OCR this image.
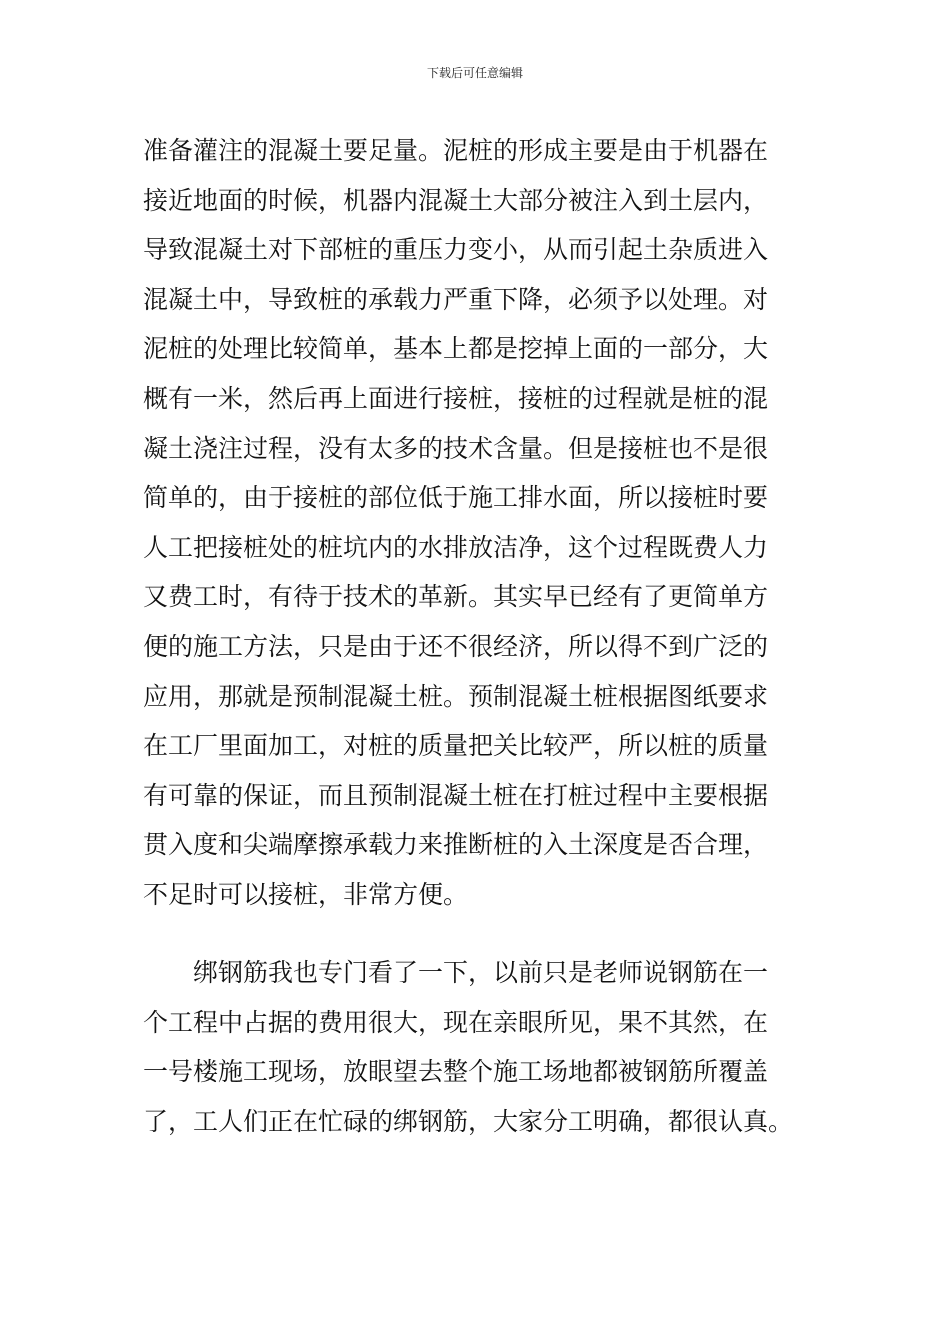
下载后可任意编辑
准备灌注的混凝土要足量。泥桩的形成主要是由于机器在
接近地面的时候，机器内混凝土大部分被注入到土层内，
导致混凝土对下部桩的重压力变小，从而引起土杂质进入
混凝土中，导致桩的承载力严重下降，必须予以处理。对
泥桩的处理比较简单，基本上都是挖掉上面的一部分，大
概有一米，然后再上面进行接桩，接桩的过程就是桩的混
凝土浇注过程，没有太多的技术含量。但是接桩也不是很
简单的，由于接桩的部位低于施工排水面，所以接桩时要
人工把接桩处的桩坑内的水排放洁净，这个过程既费人力
又费工时，有待于技术的革新。其实早已经有了更简单方
便的施工方法，只是由于还不很经济，所以得不到广泛的
应用，那就是预制混凝土桩。预制混凝土桩根据图纸要求
在工厂里面加工，对桩的质量把关比较严，所以桩的质量
有可靠的保证，而且预制混凝土桩在打桩过程中主要根据
贯入度和尖端摩擦承载力来推断桩的入土深度是否合理，
不足时可以接桩，非常方便。
绑钢筋我也专门看了一下，以前只是老师说钢筋在一
个工程中占据的费用很大，现在亲眼所见，果不其然，在
一号楼施工现场，放眼望去整个施工场地都被钢筋所覆盖
了，工人们正在忙碌的绑钢筋，大家分工明确，都很认真。
